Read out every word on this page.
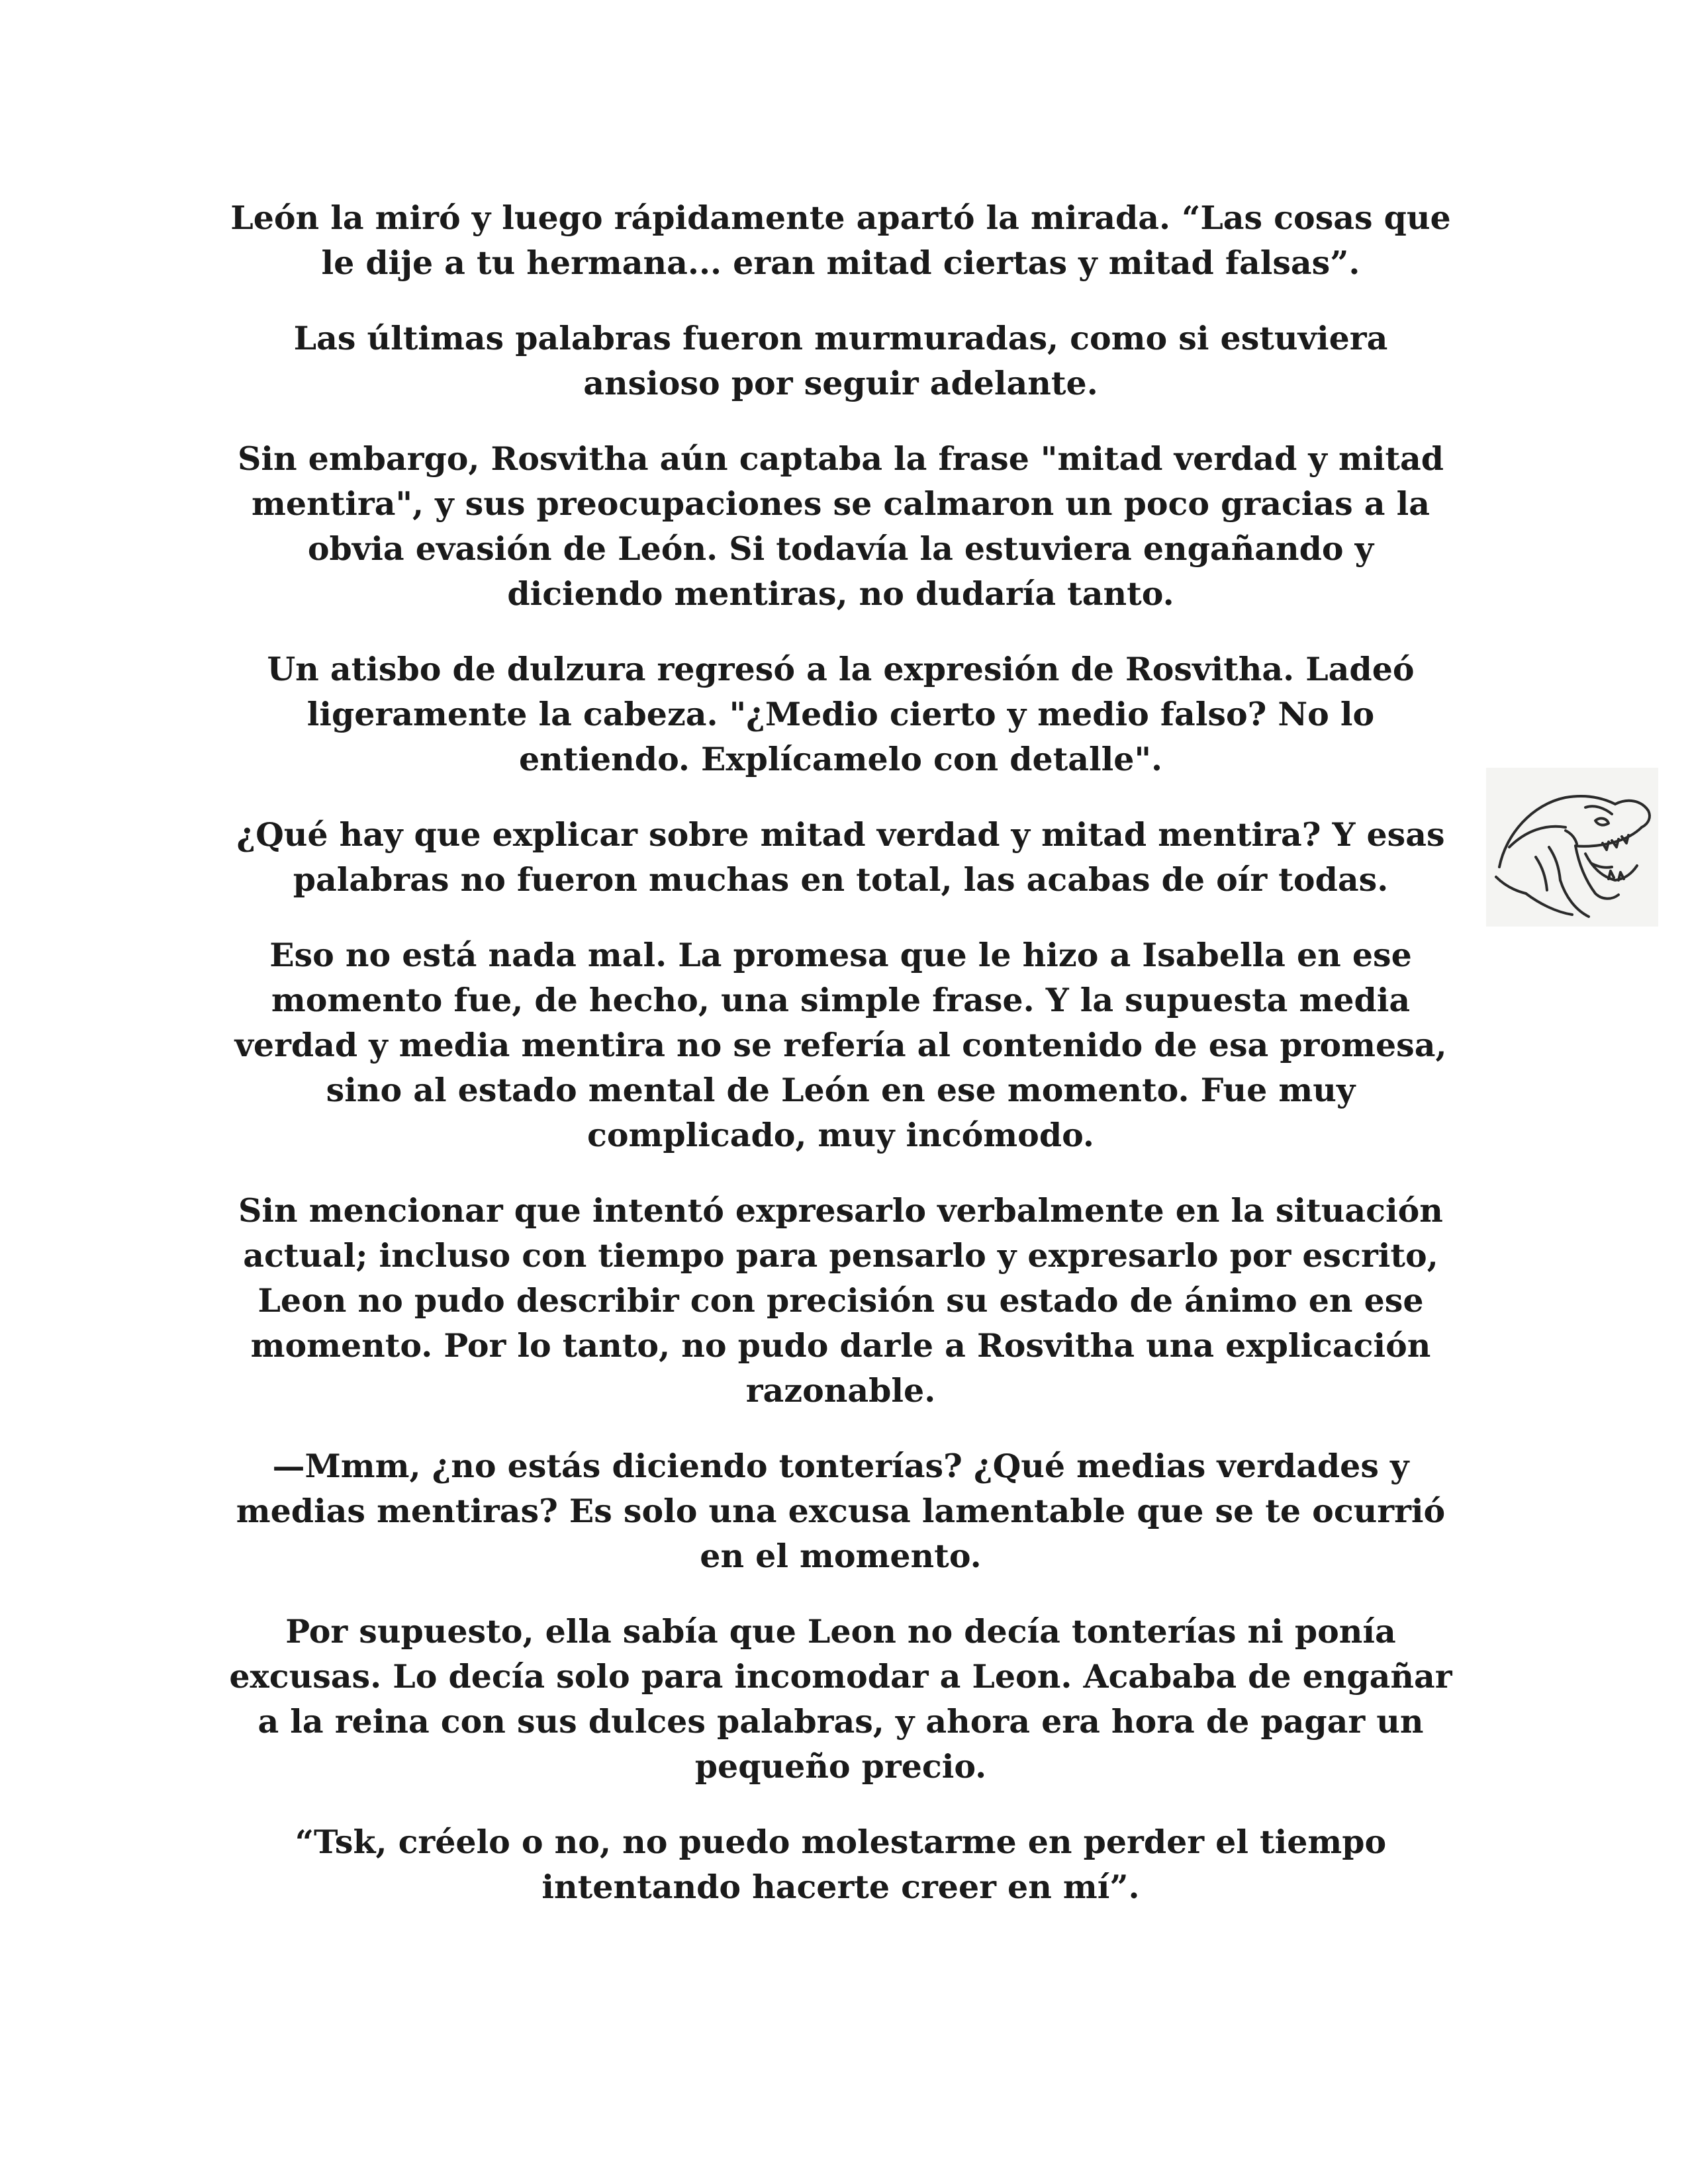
León la miró y luego rápidamente apartó la mirada. “Las cosas que le dije a tu hermana... eran mitad ciertas y mitad falsas”.

Las últimas palabras fueron murmuradas, como si estuviera ansioso por seguir adelante.

Sin embargo, Rosvitha aún captaba la frase "mitad verdad y mitad mentira", y sus preocupaciones se calmaron un poco gracias a la obvia evasión de León. Si todavía la estuviera engañando y diciendo mentiras, no dudaría tanto.

Un atisbo de dulzura regresó a la expresión de Rosvitha. Ladeó ligeramente la cabeza. "¿Medio cierto y medio falso? No lo entiendo. Explícamelo con detalle".

¿Qué hay que explicar sobre mitad verdad y mitad mentira? Y esas palabras no fueron muchas en total, las acabas de oír todas.

Eso no está nada mal. La promesa que le hizo a Isabella en ese momento fue, de hecho, una simple frase. Y la supuesta media verdad y media mentira no se refería al contenido de esa promesa, sino al estado mental de León en ese momento. Fue muy complicado, muy incómodo.

Sin mencionar que intentó expresarlo verbalmente en la situación actual; incluso con tiempo para pensarlo y expresarlo por escrito, Leon no pudo describir con precisión su estado de ánimo en ese momento. Por lo tanto, no pudo darle a Rosvitha una explicación razonable.

—Mmm, ¿no estás diciendo tonterías? ¿Qué medias verdades y medias mentiras? Es solo una excusa lamentable que se te ocurrió en el momento.

Por supuesto, ella sabía que Leon no decía tonterías ni ponía excusas. Lo decía solo para incomodar a Leon. Acababa de engañar a la reina con sus dulces palabras, y ahora era hora de pagar un pequeño precio.

“Tsk, créelo o no, no puedo molestarme en perder el tiempo intentando hacerte creer en mí”.
